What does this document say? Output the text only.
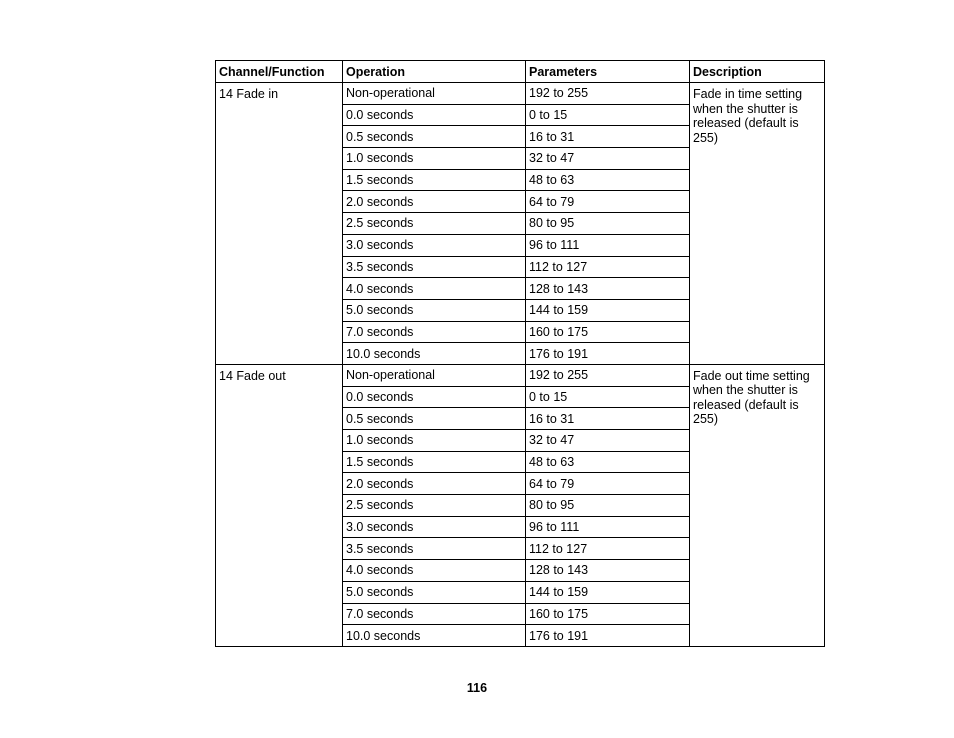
Channel/Function	Operation	Parameters	Description
14 Fade in	Non-operational	192 to 255	Fade in time setting when the shutter is released (default is 255)
	0.0 seconds	0 to 15	
	0.5 seconds	16 to 31	
	1.0 seconds	32 to 47	
	1.5 seconds	48 to 63	
	2.0 seconds	64 to 79	
	2.5 seconds	80 to 95	
	3.0 seconds	96 to 111	
	3.5 seconds	112 to 127	
	4.0 seconds	128 to 143	
	5.0 seconds	144 to 159	
	7.0 seconds	160 to 175	
	10.0 seconds	176 to 191	
14 Fade out	Non-operational	192 to 255	Fade out time setting when the shutter is released (default is 255)
	0.0 seconds	0 to 15	
	0.5 seconds	16 to 31	
	1.0 seconds	32 to 47	
	1.5 seconds	48 to 63	
	2.0 seconds	64 to 79	
	2.5 seconds	80 to 95	
	3.0 seconds	96 to 111	
	3.5 seconds	112 to 127	
	4.0 seconds	128 to 143	
	5.0 seconds	144 to 159	
	7.0 seconds	160 to 175	
	10.0 seconds	176 to 191	
116
